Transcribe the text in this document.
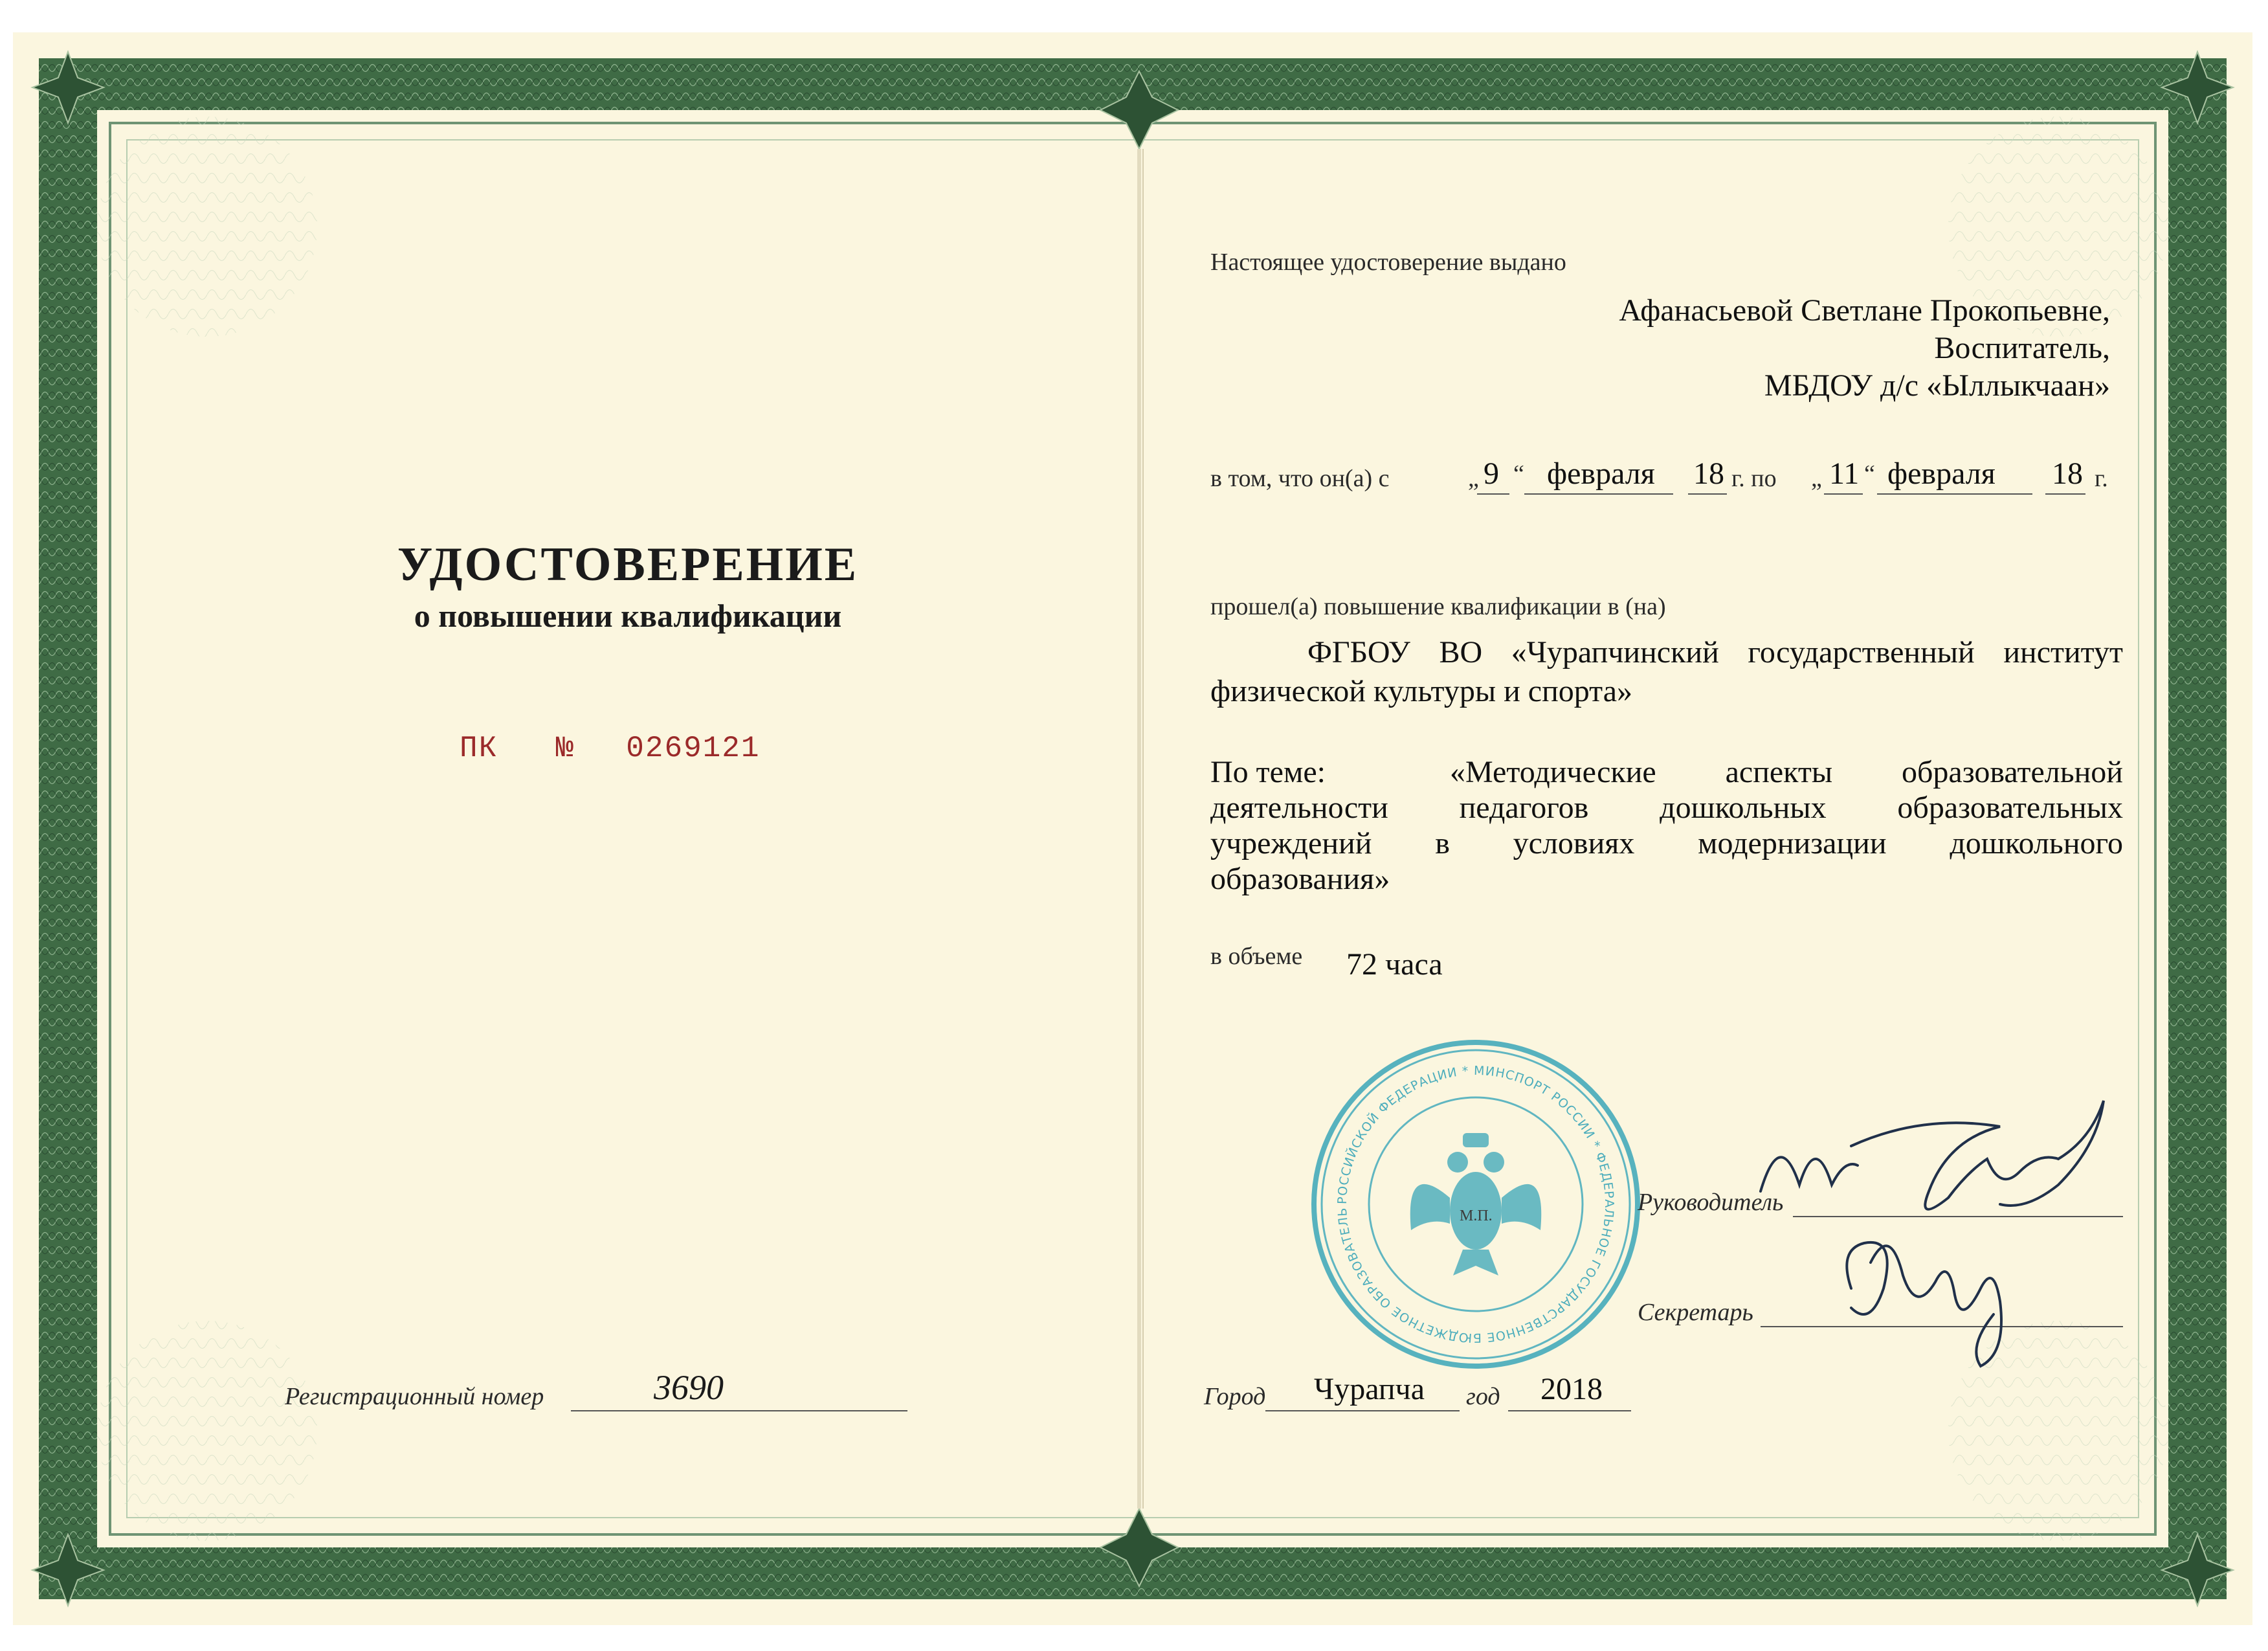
УДОСТОВЕРЕНИЕ
о повышении квалификации
ПК № 0269121
Регистрационный номер	3690
Настоящее удостоверение выдано
Афанасьевой Светлане Прокопьевне,
Воспитатель,
МБДОУ д/с «Ыллыкчаан»
в том, что он(а) с	„ 9 “ февраля 18 г. по „ 11 “ февраля 18 г.
прошел(а) повышение квалификации в (на)
ФГБОУ ВО «Чурапчинский государственный институт
физической культуры и спорта»
По теме:	«Методические аспекты образовательной
деятельности педагогов дошкольных образовательных
учреждений в условиях модернизации дошкольного
образования»
в объеме 72 часа
РОССИЙСКОЙ ФЕДЕРАЦИИ * МИНСПОРТ РОССИИ * ФЕДЕРАЛЬНОЕ ГОСУДАРСТВЕННОЕ БЮДЖЕТНОЕ ОБРАЗОВАТЕЛЬ	М.П.	Руководитель
Секретарь
Город Чурапча год 2018
